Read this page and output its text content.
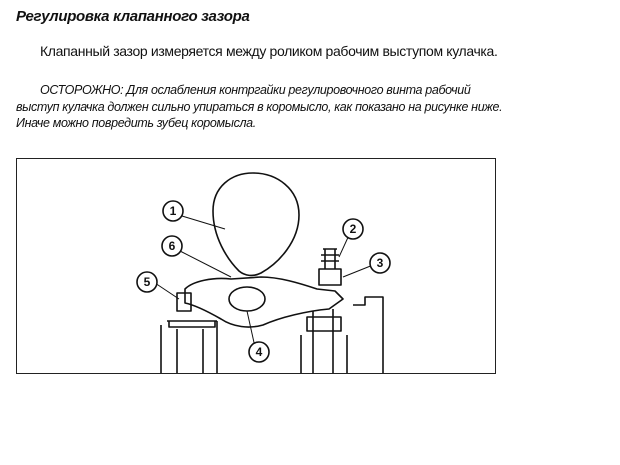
Регулировка клапанного зазора

Клапанный зазор измеряется между роликом рабочим выступом кулачка.

ОСТОРОЖНО: Для ослабления контргайки регулировочного винта рабочий выступ кулачка должен сильно упираться в коромысло, как показано на рисунке ниже. Иначе можно повредить зубец коромысла.

1
2
3
4
5
6
